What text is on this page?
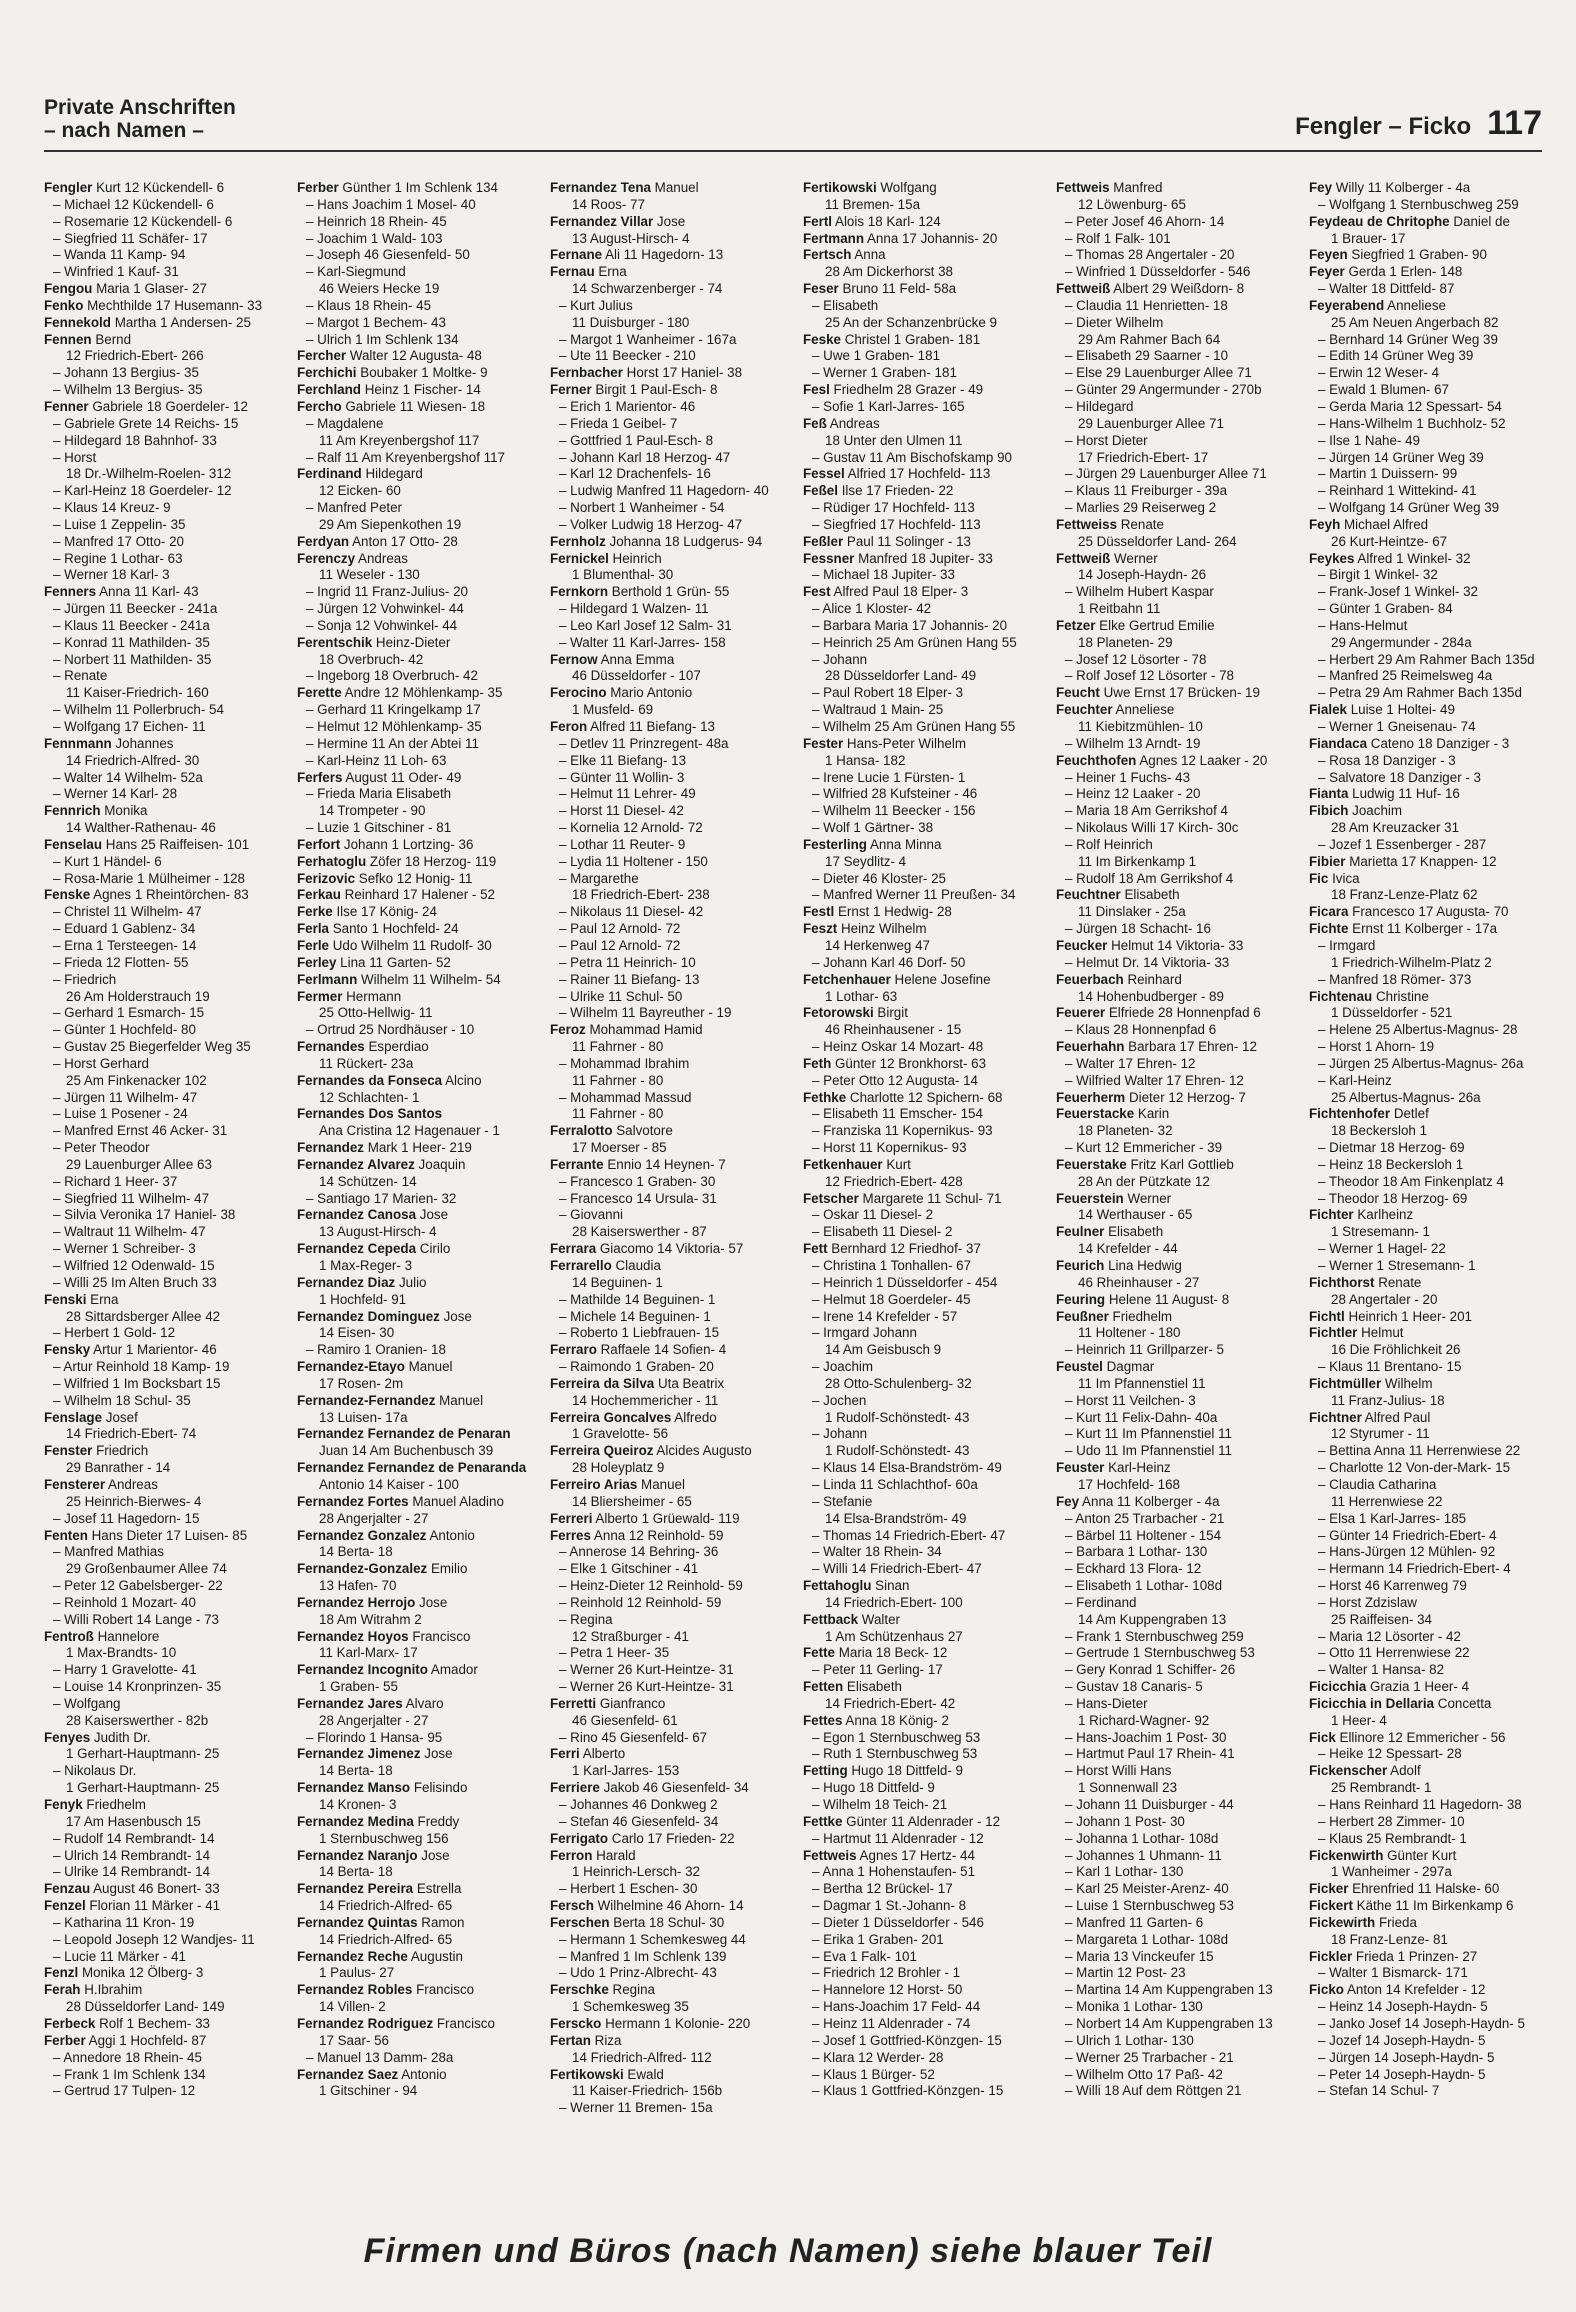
Private Anschriften
– nach Namen –	Fengler – Ficko 117
Fengler Kurt 12 Kückendell- 6
– Michael 12 Kückendell- 6
– Rosemarie 12 Kückendell- 6
– Siegfried 11 Schäfer- 17
– Wanda 11 Kamp- 94
– Winfried 1 Kauf- 31
Fengou Maria 1 Glaser- 27
Fenko Mechthilde 17 Husemann- 33
Fennekold Martha 1 Andersen- 25
Fennen Bernd
12 Friedrich-Ebert- 266
– Johann 13 Bergius- 35
– Wilhelm 13 Bergius- 35
Fenner Gabriele 18 Goerdeler- 12
– Gabriele Grete 14 Reichs- 15
– Hildegard 18 Bahnhof- 33
– Horst
18 Dr.-Wilhelm-Roelen- 312
– Karl-Heinz 18 Goerdeler- 12
– Klaus 14 Kreuz- 9
– Luise 1 Zeppelin- 35
– Manfred 17 Otto- 20
– Regine 1 Lothar- 63
– Werner 18 Karl- 3
Fenners Anna 11 Karl- 43
– Jürgen 11 Beecker - 241a
– Klaus 11 Beecker - 241a
– Konrad 11 Mathilden- 35
– Norbert 11 Mathilden- 35
– Renate
11 Kaiser-Friedrich- 160
– Wilhelm 11 Pollerbruch- 54
– Wolfgang 17 Eichen- 11
Fennmann Johannes
14 Friedrich-Alfred- 30
– Walter 14 Wilhelm- 52a
– Werner 14 Karl- 28
Fennrich Monika
14 Walther-Rathenau- 46
Fenselau Hans 25 Raiffeisen- 101
– Kurt 1 Händel- 6
– Rosa-Marie 1 Mülheimer - 128
Fenske Agnes 1 Rheintörchen- 83
– Christel 11 Wilhelm- 47
– Eduard 1 Gablenz- 34
– Erna 1 Tersteegen- 14
– Frieda 12 Flotten- 55
– Friedrich
26 Am Holderstrauch 19
– Gerhard 1 Esmarch- 15
– Günter 1 Hochfeld- 80
– Gustav 25 Biegerfelder Weg 35
– Horst Gerhard
25 Am Finkenacker 102
– Jürgen 11 Wilhelm- 47
– Luise 1 Posener - 24
– Manfred Ernst 46 Acker- 31
– Peter Theodor
29 Lauenburger Allee 63
– Richard 1 Heer- 37
– Siegfried 11 Wilhelm- 47
– Silvia Veronika 17 Haniel- 38
– Waltraut 11 Wilhelm- 47
– Werner 1 Schreiber- 3
– Wilfried 12 Odenwald- 15
– Willi 25 Im Alten Bruch 33
Fenski Erna
28 Sittardsberger Allee 42
– Herbert 1 Gold- 12
Fensky Artur 1 Marientor- 46
– Artur Reinhold 18 Kamp- 19
– Wilfried 1 Im Bocksbart 15
– Wilhelm 18 Schul- 35
Fenslage Josef
14 Friedrich-Ebert- 74
Fenster Friedrich
29 Banrather - 14
Fensterer Andreas
25 Heinrich-Bierwes- 4
– Josef 11 Hagedorn- 15
Fenten Hans Dieter 17 Luisen- 85
– Manfred Mathias
29 Großenbaumer Allee 74
– Peter 12 Gabelsberger- 22
– Reinhold 1 Mozart- 40
– Willi Robert 14 Lange - 73
Fentroß Hannelore
1 Max-Brandts- 10
– Harry 1 Gravelotte- 41
– Louise 14 Kronprinzen- 35
– Wolfgang
28 Kaiserswerther - 82b
Fenyes Judith Dr.
1 Gerhart-Hauptmann- 25
– Nikolaus Dr.
1 Gerhart-Hauptmann- 25
Fenyk Friedhelm
17 Am Hasenbusch 15
– Rudolf 14 Rembrandt- 14
– Ulrich 14 Rembrandt- 14
– Ulrike 14 Rembrandt- 14
Fenzau August 46 Bonert- 33
Fenzel Florian 11 Märker - 41
– Katharina 11 Kron- 19
– Leopold Joseph 12 Wandjes- 11
– Lucie 11 Märker - 41
Fenzl Monika 12 Ölberg- 3
Ferah H.Ibrahim
28 Düsseldorfer Land- 149
Ferbeck Rolf 1 Bechem- 33
Ferber Aggi 1 Hochfeld- 87
– Annedore 18 Rhein- 45
– Frank 1 Im Schlenk 134
– Gertrud 17 Tulpen- 12
Ferber Günther 1 Im Schlenk 134
– Hans Joachim 1 Mosel- 40
– Heinrich 18 Rhein- 45
– Joachim 1 Wald- 103
– Joseph 46 Giesenfeld- 50
– Karl-Siegmund
46 Weiers Hecke 19
– Klaus 18 Rhein- 45
– Margot 1 Bechem- 43
– Ulrich 1 Im Schlenk 134
Fercher Walter 12 Augusta- 48
Ferchichi Boubaker 1 Moltke- 9
Ferchland Heinz 1 Fischer- 14
Fercho Gabriele 11 Wiesen- 18
– Magdalene
11 Am Kreyenbergshof 117
– Ralf 11 Am Kreyenbergshof 117
Ferdinand Hildegard
12 Eicken- 60
– Manfred Peter
29 Am Siepenkothen 19
Ferdyan Anton 17 Otto- 28
Ferenczy Andreas
11 Weseler - 130
– Ingrid 11 Franz-Julius- 20
– Jürgen 12 Vohwinkel- 44
– Sonja 12 Vohwinkel- 44
Ferentschik Heinz-Dieter
18 Overbruch- 42
– Ingeborg 18 Overbruch- 42
Ferette Andre 12 Möhlenkamp- 35
– Gerhard 11 Kringelkamp 17
– Helmut 12 Möhlenkamp- 35
– Hermine 11 An der Abtei 11
– Karl-Heinz 11 Loh- 63
Ferfers August 11 Oder- 49
– Frieda Maria Elisabeth
14 Trompeter - 90
– Luzie 1 Gitschiner - 81
Ferfort Johann 1 Lortzing- 36
Ferhatoglu Zöfer 18 Herzog- 119
Ferizovic Sefko 12 Honig- 11
Ferkau Reinhard 17 Halener - 52
Ferke Ilse 17 König- 24
Ferla Santo 1 Hochfeld- 24
Ferle Udo Wilhelm 11 Rudolf- 30
Ferley Lina 11 Garten- 52
Ferlmann Wilhelm 11 Wilhelm- 54
Fermer Hermann
25 Otto-Hellwig- 11
– Ortrud 25 Nordhäuser - 10
Fernandes Esperdiao
11 Rückert- 23a
Fernandes da Fonseca Alcino
12 Schlachten- 1
Fernandes Dos Santos
Ana Cristina 12 Hagenauer - 1
Fernandez Mark 1 Heer- 219
Fernandez Alvarez Joaquin
14 Schützen- 14
– Santiago 17 Marien- 32
Fernandez Canosa Jose
13 August-Hirsch- 4
Fernandez Cepeda Cirilo
1 Max-Reger- 3
Fernandez Diaz Julio
1 Hochfeld- 91
Fernandez Dominguez Jose
14 Eisen- 30
– Ramiro 1 Oranien- 18
Fernandez-Etayo Manuel
17 Rosen- 2m
Fernandez-Fernandez Manuel
13 Luisen- 17a
Fernandez Fernandez de Penaran
Juan 14 Am Buchenbusch 39
Fernandez Fernandez de Penaranda
Antonio 14 Kaiser - 100
Fernandez Fortes Manuel Aladino
28 Angerjalter - 27
Fernandez Gonzalez Antonio
14 Berta- 18
Fernandez-Gonzalez Emilio
13 Hafen- 70
Fernandez Herrojo Jose
18 Am Witrahm 2
Fernandez Hoyos Francisco
11 Karl-Marx- 17
Fernandez Incognito Amador
1 Graben- 55
Fernandez Jares Alvaro
28 Angerjalter - 27
– Florindo 1 Hansa- 95
Fernandez Jimenez Jose
14 Berta- 18
Fernandez Manso Felisindo
14 Kronen- 3
Fernandez Medina Freddy
1 Sternbuschweg 156
Fernandez Naranjo Jose
14 Berta- 18
Fernandez Pereira Estrella
14 Friedrich-Alfred- 65
Fernandez Quintas Ramon
14 Friedrich-Alfred- 65
Fernandez Reche Augustin
1 Paulus- 27
Fernandez Robles Francisco
14 Villen- 2
Fernandez Rodriguez Francisco
17 Saar- 56
– Manuel 13 Damm- 28a
Fernandez Saez Antonio
1 Gitschiner - 94
Fernandez Tena Manuel
14 Roos- 77
Fernandez Villar Jose
13 August-Hirsch- 4
Fernane Ali 11 Hagedorn- 13
Fernau Erna
14 Schwarzenberger - 74
– Kurt Julius
11 Duisburger - 180
– Margot 1 Wanheimer - 167a
– Ute 11 Beecker - 210
Fernbacher Horst 17 Haniel- 38
Ferner Birgit 1 Paul-Esch- 8
– Erich 1 Marientor- 46
– Frieda 1 Geibel- 7
– Gottfried 1 Paul-Esch- 8
– Johann Karl 18 Herzog- 47
– Karl 12 Drachenfels- 16
– Ludwig Manfred 11 Hagedorn- 40
– Norbert 1 Wanheimer - 54
– Volker Ludwig 18 Herzog- 47
Fernholz Johanna 18 Ludgerus- 94
Fernickel Heinrich
1 Blumenthal- 30
Fernkorn Berthold 1 Grün- 55
– Hildegard 1 Walzen- 11
– Leo Karl Josef 12 Salm- 31
– Walter 11 Karl-Jarres- 158
Fernow Anna Emma
46 Düsseldorfer - 107
Ferocino Mario Antonio
1 Musfeld- 69
Feron Alfred 11 Biefang- 13
– Detlev 11 Prinzregent- 48a
– Elke 11 Biefang- 13
– Günter 11 Wollin- 3
– Helmut 11 Lehrer- 49
– Horst 11 Diesel- 42
– Kornelia 12 Arnold- 72
– Lothar 11 Reuter- 9
– Lydia 11 Holtener - 150
– Margarethe
18 Friedrich-Ebert- 238
– Nikolaus 11 Diesel- 42
– Paul 12 Arnold- 72
– Paul 12 Arnold- 72
– Petra 11 Heinrich- 10
– Rainer 11 Biefang- 13
– Ulrike 11 Schul- 50
– Wilhelm 11 Bayreuther - 19
Feroz Mohammad Hamid
11 Fahrner - 80
– Mohammad Ibrahim
11 Fahrner - 80
– Mohammad Massud
11 Fahrner - 80
Ferralotto Salvotore
17 Moerser - 85
Ferrante Ennio 14 Heynen- 7
– Francesco 1 Graben- 30
– Francesco 14 Ursula- 31
– Giovanni
28 Kaiserswerther - 87
Ferrara Giacomo 14 Viktoria- 57
Ferrarello Claudia
14 Beguinen- 1
– Mathilde 14 Beguinen- 1
– Michele 14 Beguinen- 1
– Roberto 1 Liebfrauen- 15
Ferraro Raffaele 14 Sofien- 4
– Raimondo 1 Graben- 20
Ferreira da Silva Uta Beatrix
14 Hochemmericher - 11
Ferreira Goncalves Alfredo
1 Gravelotte- 56
Ferreira Queiroz Alcides Augusto
28 Holeyplatz 9
Ferreiro Arias Manuel
14 Bliersheimer - 65
Ferreri Alberto 1 Grüewald- 119
Ferres Anna 12 Reinhold- 59
– Annerose 14 Behring- 36
– Elke 1 Gitschiner - 41
– Heinz-Dieter 12 Reinhold- 59
– Reinhold 12 Reinhold- 59
– Regina
12 Straßburger - 41
– Petra 1 Heer- 35
– Werner 26 Kurt-Heintze- 31
– Werner 26 Kurt-Heintze- 31
Ferretti Gianfranco
46 Giesenfeld- 61
– Rino 45 Giesenfeld- 67
Ferri Alberto
1 Karl-Jarres- 153
Ferriere Jakob 46 Giesenfeld- 34
– Johannes 46 Donkweg 2
– Stefan 46 Giesenfeld- 34
Ferrigato Carlo 17 Frieden- 22
Ferron Harald
1 Heinrich-Lersch- 32
– Herbert 1 Eschen- 30
Fersch Wilhelmine 46 Ahorn- 14
Ferschen Berta 18 Schul- 30
– Hermann 1 Schemkesweg 44
– Manfred 1 Im Schlenk 139
– Udo 1 Prinz-Albrecht- 43
Ferschke Regina
1 Schemkesweg 35
Ferscko Hermann 1 Kolonie- 220
Fertan Riza
14 Friedrich-Alfred- 112
Fertikowski Ewald
11 Kaiser-Friedrich- 156b
– Werner 11 Bremen- 15a
Fertikowski Wolfgang
11 Bremen- 15a
Fertl Alois 18 Karl- 124
Fertmann Anna 17 Johannis- 20
Fertsch Anna
28 Am Dickerhorst 38
Feser Bruno 11 Feld- 58a
– Elisabeth
25 An der Schanzenbrücke 9
Feske Christel 1 Graben- 181
– Uwe 1 Graben- 181
– Werner 1 Graben- 181
Fesl Friedhelm 28 Grazer - 49
– Sofie 1 Karl-Jarres- 165
Feß Andreas
18 Unter den Ulmen 11
– Gustav 11 Am Bischofskamp 90
Fessel Alfried 17 Hochfeld- 113
Feßel Ilse 17 Frieden- 22
– Rüdiger 17 Hochfeld- 113
– Siegfried 17 Hochfeld- 113
Feßler Paul 11 Solinger - 13
Fessner Manfred 18 Jupiter- 33
– Michael 18 Jupiter- 33
Fest Alfred Paul 18 Elper- 3
– Alice 1 Kloster- 42
– Barbara Maria 17 Johannis- 20
– Heinrich 25 Am Grünen Hang 55
– Johann
28 Düsseldorfer Land- 49
– Paul Robert 18 Elper- 3
– Waltraud 1 Main- 25
– Wilhelm 25 Am Grünen Hang 55
Fester Hans-Peter Wilhelm
1 Hansa- 182
– Irene Lucie 1 Fürsten- 1
– Wilfried 28 Kufsteiner - 46
– Wilhelm 11 Beecker - 156
– Wolf 1 Gärtner- 38
Festerling Anna Minna
17 Seydlitz- 4
– Dieter 46 Kloster- 25
– Manfred Werner 11 Preußen- 34
Festl Ernst 1 Hedwig- 28
Feszt Heinz Wilhelm
14 Herkenweg 47
– Johann Karl 46 Dorf- 50
Fetchenhauer Helene Josefine
1 Lothar- 63
Fetorowski Birgit
46 Rheinhausener - 15
– Heinz Oskar 14 Mozart- 48
Feth Günter 12 Bronkhorst- 63
– Peter Otto 12 Augusta- 14
Fethke Charlotte 12 Spichern- 68
– Elisabeth 11 Emscher- 154
– Franziska 11 Kopernikus- 93
– Horst 11 Kopernikus- 93
Fetkenhauer Kurt
12 Friedrich-Ebert- 428
Fetscher Margarete 11 Schul- 71
– Oskar 11 Diesel- 2
– Elisabeth 11 Diesel- 2
Fett Bernhard 12 Friedhof- 37
– Christina 1 Tonhallen- 67
– Heinrich 1 Düsseldorfer - 454
– Helmut 18 Goerdeler- 45
– Irene 14 Krefelder - 57
– Irmgard Johann
14 Am Geisbusch 9
– Joachim
28 Otto-Schulenberg- 32
– Jochen
1 Rudolf-Schönstedt- 43
– Johann
1 Rudolf-Schönstedt- 43
– Klaus 14 Elsa-Brandström- 49
– Linda 11 Schlachthof- 60a
– Stefanie
14 Elsa-Brandström- 49
– Thomas 14 Friedrich-Ebert- 47
– Walter 18 Rhein- 34
– Willi 14 Friedrich-Ebert- 47
Fettahoglu Sinan
14 Friedrich-Ebert- 100
Fettback Walter
1 Am Schützenhaus 27
Fette Maria 18 Beck- 12
– Peter 11 Gerling- 17
Fetten Elisabeth
14 Friedrich-Ebert- 42
Fettes Anna 18 König- 2
– Egon 1 Sternbuschweg 53
– Ruth 1 Sternbuschweg 53
Fetting Hugo 18 Dittfeld- 9
– Hugo 18 Dittfeld- 9
– Wilhelm 18 Teich- 21
Fettke Günter 11 Aldenrader - 12
– Hartmut 11 Aldenrader - 12
Fettweis Agnes 17 Hertz- 44
– Anna 1 Hohenstaufen- 51
– Bertha 12 Brückel- 17
– Dagmar 1 St.-Johann- 8
– Dieter 1 Düsseldorfer - 546
– Erika 1 Graben- 201
– Eva 1 Falk- 101
– Friedrich 12 Brohler - 1
– Hannelore 12 Horst- 50
– Hans-Joachim 17 Feld- 44
– Heinz 11 Aldenrader - 74
– Josef 1 Gottfried-Könzgen- 15
– Klara 12 Werder- 28
– Klaus 1 Bürger- 52
– Klaus 1 Gottfried-Könzgen- 15
Fettweis Manfred
12 Löwenburg- 65
– Peter Josef 46 Ahorn- 14
– Rolf 1 Falk- 101
– Thomas 28 Angertaler - 20
– Winfried 1 Düsseldorfer - 546
Fettweiß Albert 29 Weißdorn- 8
– Claudia 11 Henrietten- 18
– Dieter Wilhelm
29 Am Rahmer Bach 64
– Elisabeth 29 Saarner - 10
– Else 29 Lauenburger Allee 71
– Günter 29 Angermunder - 270b
– Hildegard
29 Lauenburger Allee 71
– Horst Dieter
17 Friedrich-Ebert- 17
– Jürgen 29 Lauenburger Allee 71
– Klaus 11 Freiburger - 39a
– Marlies 29 Reiserweg 2
Fettweiss Renate
25 Düsseldorfer Land- 264
Fettweiß Werner
14 Joseph-Haydn- 26
– Wilhelm Hubert Kaspar
1 Reitbahn 11
Fetzer Elke Gertrud Emilie
18 Planeten- 29
– Josef 12 Lösorter - 78
– Rolf Josef 12 Lösorter - 78
Feucht Uwe Ernst 17 Brücken- 19
Feuchter Anneliese
11 Kiebitzmühlen- 10
– Wilhelm 13 Arndt- 19
Feuchthofen Agnes 12 Laaker - 20
– Heiner 1 Fuchs- 43
– Heinz 12 Laaker - 20
– Maria 18 Am Gerrikshof 4
– Nikolaus Willi 17 Kirch- 30c
– Rolf Heinrich
11 Im Birkenkamp 1
– Rudolf 18 Am Gerrikshof 4
Feuchtner Elisabeth
11 Dinslaker - 25a
– Jürgen 18 Schacht- 16
Feucker Helmut 14 Viktoria- 33
– Helmut Dr. 14 Viktoria- 33
Feuerbach Reinhard
14 Hohenbudberger - 89
Feuerer Elfriede 28 Honnenpfad 6
– Klaus 28 Honnenpfad 6
Feuerhahn Barbara 17 Ehren- 12
– Walter 17 Ehren- 12
– Wilfried Walter 17 Ehren- 12
Feuerherm Dieter 12 Herzog- 7
Feuerstacke Karin
18 Planeten- 32
– Kurt 12 Emmericher - 39
Feuerstake Fritz Karl Gottlieb
28 An der Pützkate 12
Feuerstein Werner
14 Werthauser - 65
Feulner Elisabeth
14 Krefelder - 44
Feurich Lina Hedwig
46 Rheinhauser - 27
Feuring Helene 11 August- 8
Feußner Friedhelm
11 Holtener - 180
– Heinrich 11 Grillparzer- 5
Feustel Dagmar
11 Im Pfannenstiel 11
– Horst 11 Veilchen- 3
– Kurt 11 Felix-Dahn- 40a
– Kurt 11 Im Pfannenstiel 11
– Udo 11 Im Pfannenstiel 11
Feuster Karl-Heinz
17 Hochfeld- 168
Fey Anna 11 Kolberger - 4a
– Anton 25 Trarbacher - 21
– Bärbel 11 Holtener - 154
– Barbara 1 Lothar- 130
– Eckhard 13 Flora- 12
– Elisabeth 1 Lothar- 108d
– Ferdinand
14 Am Kuppengraben 13
– Frank 1 Sternbuschweg 259
– Gertrude 1 Sternbuschweg 53
– Gery Konrad 1 Schiffer- 26
– Gustav 18 Canaris- 5
– Hans-Dieter
1 Richard-Wagner- 92
– Hans-Joachim 1 Post- 30
– Hartmut Paul 17 Rhein- 41
– Horst Willi Hans
1 Sonnenwall 23
– Johann 11 Duisburger - 44
– Johann 1 Post- 30
– Johanna 1 Lothar- 108d
– Johannes 1 Uhmann- 11
– Karl 1 Lothar- 130
– Karl 25 Meister-Arenz- 40
– Luise 1 Sternbuschweg 53
– Manfred 11 Garten- 6
– Margareta 1 Lothar- 108d
– Maria 13 Vinckeufer 15
– Martin 12 Post- 23
– Martina 14 Am Kuppengraben 13
– Monika 1 Lothar- 130
– Norbert 14 Am Kuppengraben 13
– Ulrich 1 Lothar- 130
– Werner 25 Trarbacher - 21
– Wilhelm Otto 17 Paß- 42
– Willi 18 Auf dem Röttgen 21
Fey Willy 11 Kolberger - 4a
– Wolfgang 1 Sternbuschweg 259
Feydeau de Chritophe Daniel de
1 Brauer- 17
Feyen Siegfried 1 Graben- 90
Feyer Gerda 1 Erlen- 148
– Walter 18 Dittfeld- 87
Feyerabend Anneliese
25 Am Neuen Angerbach 82
– Bernhard 14 Grüner Weg 39
– Edith 14 Grüner Weg 39
– Erwin 12 Weser- 4
– Ewald 1 Blumen- 67
– Gerda Maria 12 Spessart- 54
– Hans-Wilhelm 1 Buchholz- 52
– Ilse 1 Nahe- 49
– Jürgen 14 Grüner Weg 39
– Martin 1 Duissern- 99
– Reinhard 1 Wittekind- 41
– Wolfgang 14 Grüner Weg 39
Feyh Michael Alfred
26 Kurt-Heintze- 67
Feykes Alfred 1 Winkel- 32
– Birgit 1 Winkel- 32
– Frank-Josef 1 Winkel- 32
– Günter 1 Graben- 84
– Hans-Helmut
29 Angermunder - 284a
– Herbert 29 Am Rahmer Bach 135d
– Manfred 25 Reimelsweg 4a
– Petra 29 Am Rahmer Bach 135d
Fialek Luise 1 Holtei- 49
– Werner 1 Gneisenau- 74
Fiandaca Cateno 18 Danziger - 3
– Rosa 18 Danziger - 3
– Salvatore 18 Danziger - 3
Fianta Ludwig 11 Huf- 16
Fibich Joachim
28 Am Kreuzacker 31
– Jozef 1 Essenberger - 287
Fibier Marietta 17 Knappen- 12
Fic Ivica
18 Franz-Lenze-Platz 62
Ficara Francesco 17 Augusta- 70
Fichte Ernst 11 Kolberger - 17a
– Irmgard
1 Friedrich-Wilhelm-Platz 2
– Manfred 18 Römer- 373
Fichtenau Christine
1 Düsseldorfer - 521
– Helene 25 Albertus-Magnus- 28
– Horst 1 Ahorn- 19
– Jürgen 25 Albertus-Magnus- 26a
– Karl-Heinz
25 Albertus-Magnus- 26a
Fichtenhofer Detlef
18 Beckersloh 1
– Dietmar 18 Herzog- 69
– Heinz 18 Beckersloh 1
– Theodor 18 Am Finkenplatz 4
– Theodor 18 Herzog- 69
Fichter Karlheinz
1 Stresemann- 1
– Werner 1 Hagel- 22
– Werner 1 Stresemann- 1
Fichthorst Renate
28 Angertaler - 20
Fichtl Heinrich 1 Heer- 201
Fichtler Helmut
16 Die Fröhlichkeit 26
– Klaus 11 Brentano- 15
Fichtmüller Wilhelm
11 Franz-Julius- 18
Fichtner Alfred Paul
12 Styrumer - 11
– Bettina Anna 11 Herrenwiese 22
– Charlotte 12 Von-der-Mark- 15
– Claudia Catharina
11 Herrenwiese 22
– Elsa 1 Karl-Jarres- 185
– Günter 14 Friedrich-Ebert- 4
– Hans-Jürgen 12 Mühlen- 92
– Hermann 14 Friedrich-Ebert- 4
– Horst 46 Karrenweg 79
– Horst Zdzislaw
25 Raiffeisen- 34
– Maria 12 Lösorter - 42
– Otto 11 Herrenwiese 22
– Walter 1 Hansa- 82
Ficicchia Grazia 1 Heer- 4
Ficicchia in Dellaria Concetta
1 Heer- 4
Fick Ellinore 12 Emmericher - 56
– Heike 12 Spessart- 28
Fickenscher Adolf
25 Rembrandt- 1
– Hans Reinhard 11 Hagedorn- 38
– Herbert 28 Zimmer- 10
– Klaus 25 Rembrandt- 1
Fickenwirth Günter Kurt
1 Wanheimer - 297a
Ficker Ehrenfried 11 Halske- 60
Fickert Käthe 11 Im Birkenkamp 6
Fickewirth Frieda
18 Franz-Lenze- 81
Fickler Frieda 1 Prinzen- 27
– Walter 1 Bismarck- 171
Ficko Anton 14 Krefelder - 12
– Heinz 14 Joseph-Haydn- 5
– Janko Josef 14 Joseph-Haydn- 5
– Jozef 14 Joseph-Haydn- 5
– Jürgen 14 Joseph-Haydn- 5
– Peter 14 Joseph-Haydn- 5
– Stefan 14 Schul- 7
Firmen und Büros (nach Namen) siehe blauer Teil
